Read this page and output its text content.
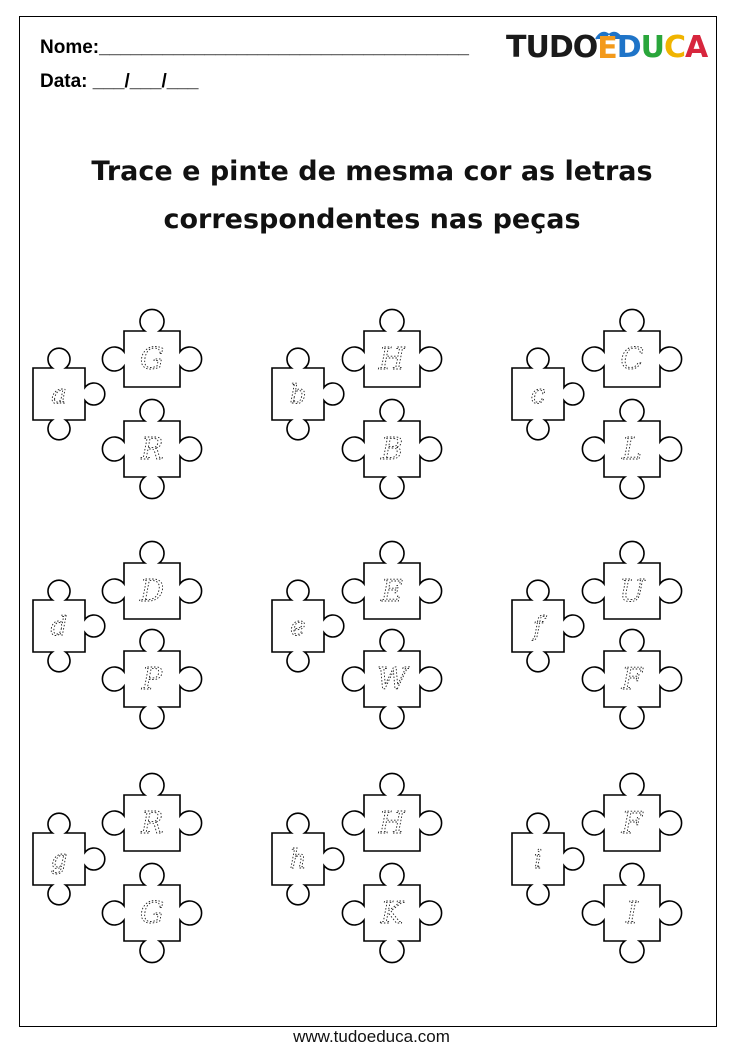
Nome:___________________________________
Data: ___/___/___
TUDOEDUCA
Trace e pinte de mesma cor as letras
correspondentes nas peças
a
G
R
b
H
B
c
C
L
d
D
P
e
E
W
f
U
F
g
R
G
h
H
K
i
F
I
www.tudoeduca.com
